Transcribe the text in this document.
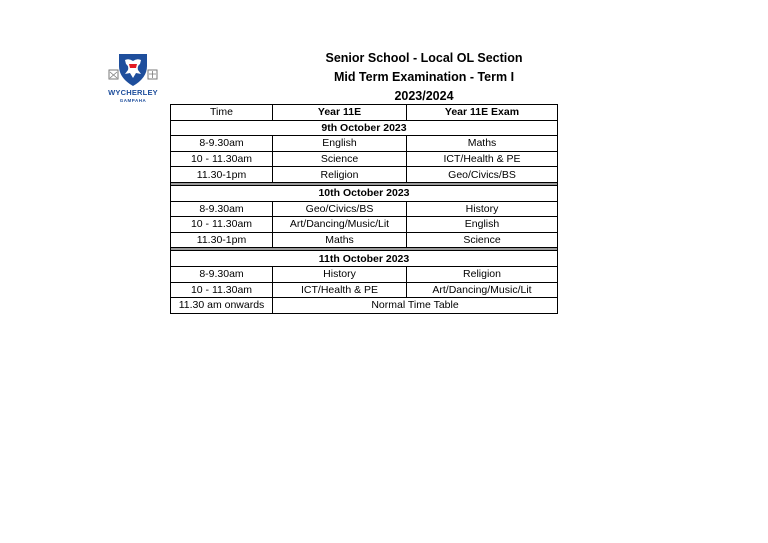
WYCHERLEY
GAMPAHA
Senior School - Local OL Section
Mid Term Examination - Term I
2023/2024
Time	Year 11E	Year 11E Exam
9th October 2023		
8-9.30am	English	Maths
10 - 11.30am	Science	ICT/Health & PE
11.30-1pm	Religion	Geo/Civics/BS

10th October 2023		
8-9.30am	Geo/Civics/BS	History
10 - 11.30am	Art/Dancing/Music/Lit	English
11.30-1pm	Maths	Science

11th October 2023		
8-9.30am	History	Religion
10 - 11.30am	ICT/Health & PE	Art/Dancing/Music/Lit
11.30 am onwards	Normal Time Table	
